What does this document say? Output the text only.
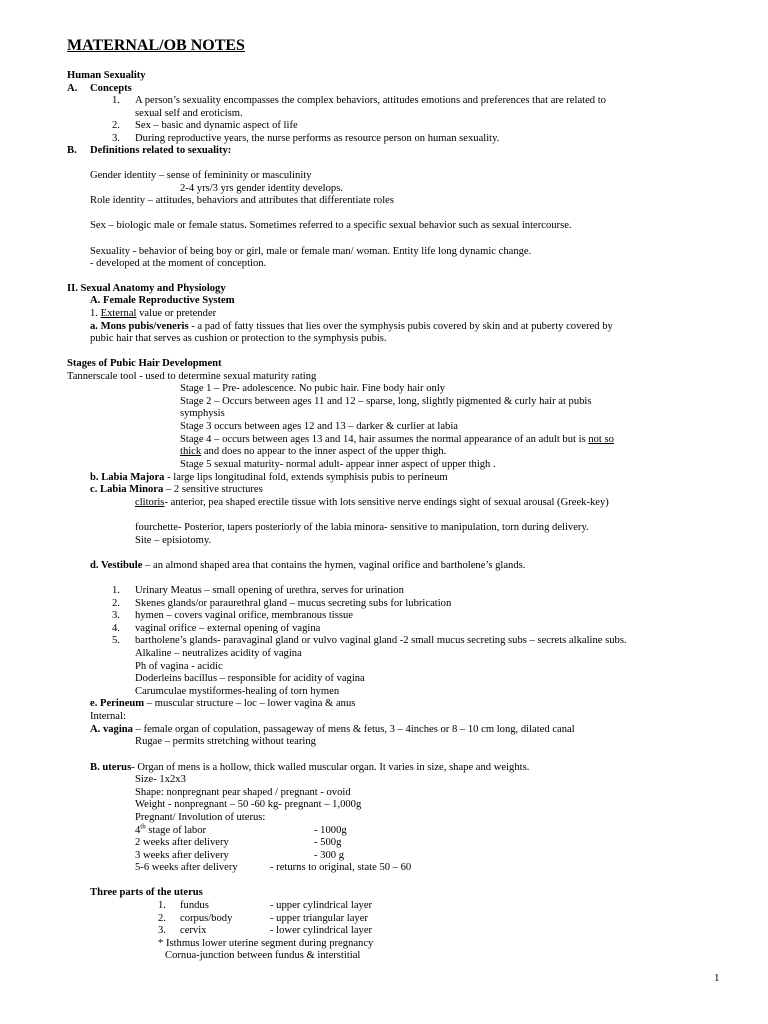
MATERNAL/OB NOTES
Human Sexuality
A. Concepts
1. A person’s sexuality encompasses the complex behaviors, attitudes emotions and preferences that are related to
sexual self and eroticism.
2. Sex – basic and dynamic aspect of life
3. During reproductive years, the nurse performs as resource person on human sexuality.
B. Definitions related to sexuality:
Gender identity – sense of femininity or masculinity
2-4 yrs/3 yrs gender identity develops.
Role identity – attitudes, behaviors and attributes that differentiate roles
Sex – biologic male or female status. Sometimes referred to a specific sexual behavior such as sexual intercourse.
Sexuality - behavior of being boy or girl, male or female man/ woman. Entity life long dynamic change.
- developed at the moment of conception.
II. Sexual Anatomy and Physiology
A. Female Reproductive System
1. External value or pretender
a. Mons pubis/veneris - a pad of fatty tissues that lies over the symphysis pubis covered by skin and at puberty covered by
pubic hair that serves as cushion or protection to the symphysis pubis.
Stages of Pubic Hair Development
Tannerscale tool - used to determine sexual maturity rating
Stage 1 – Pre- adolescence. No pubic hair. Fine body hair only
Stage 2 – Occurs between ages 11 and 12 – sparse, long, slightly pigmented & curly hair at pubis
symphysis
Stage 3 occurs between ages 12 and 13 – darker & curlier at labia
Stage 4 – occurs between ages 13 and 14, hair assumes the normal appearance of an adult but is not so
thick and does no appear to the inner aspect of the upper thigh.
Stage 5 sexual maturity- normal adult- appear inner aspect of upper thigh .
b. Labia Majora - large lips longitudinal fold, extends symphisis pubis to perineum
c. Labia Minora – 2 sensitive structures
clitoris- anterior, pea shaped erectile tissue with lots sensitive nerve endings sight of sexual arousal (Greek-key)
fourchette- Posterior, tapers posteriorly of the labia minora- sensitive to manipulation, torn during delivery.
Site – episiotomy.
d. Vestibule – an almond shaped area that contains the hymen, vaginal orifice and bartholene’s glands.
1. Urinary Meatus – small opening of urethra, serves for urination
2. Skenes glands/or paraurethral gland – mucus secreting subs for lubrication
3. hymen – covers vaginal orifice, membranous tissue
4. vaginal orifice – external opening of vagina
5. bartholene’s glands- paravaginal gland or vulvo vaginal gland -2 small mucus secreting subs – secrets alkaline subs.
Alkaline – neutralizes acidity of vagina
Ph of vagina - acidic
Doderleins bacillus – responsible for acidity of vagina
Carumculae mystiformes-healing of torn hymen
e. Perineum – muscular structure – loc – lower vagina & anus
Internal:
A. vagina – female organ of copulation, passageway of mens & fetus, 3 – 4inches or 8 – 10 cm long, dilated canal
Rugae – permits stretching without tearing
B. uterus- Organ of mens is a hollow, thick walled muscular organ. It varies in size, shape and weights.
Size- 1x2x3
Shape: nonpregnant pear shaped / pregnant - ovoid
Weight - nonpregnant – 50 -60 kg- pregnant – 1,000g
Pregnant/ Involution of uterus:
4th stage of labor	- 1000g
2 weeks after delivery	- 500g
3 weeks after delivery	- 300 g
5-6 weeks after delivery	- returns to original, state 50 – 60
Three parts of the uterus
1. fundus	- upper cylindrical layer
2. corpus/body	- upper triangular layer
3. cervix	- lower cylindrical layer
* Isthmus lower uterine segment during pregnancy
Cornua-junction between fundus & interstitial
1
